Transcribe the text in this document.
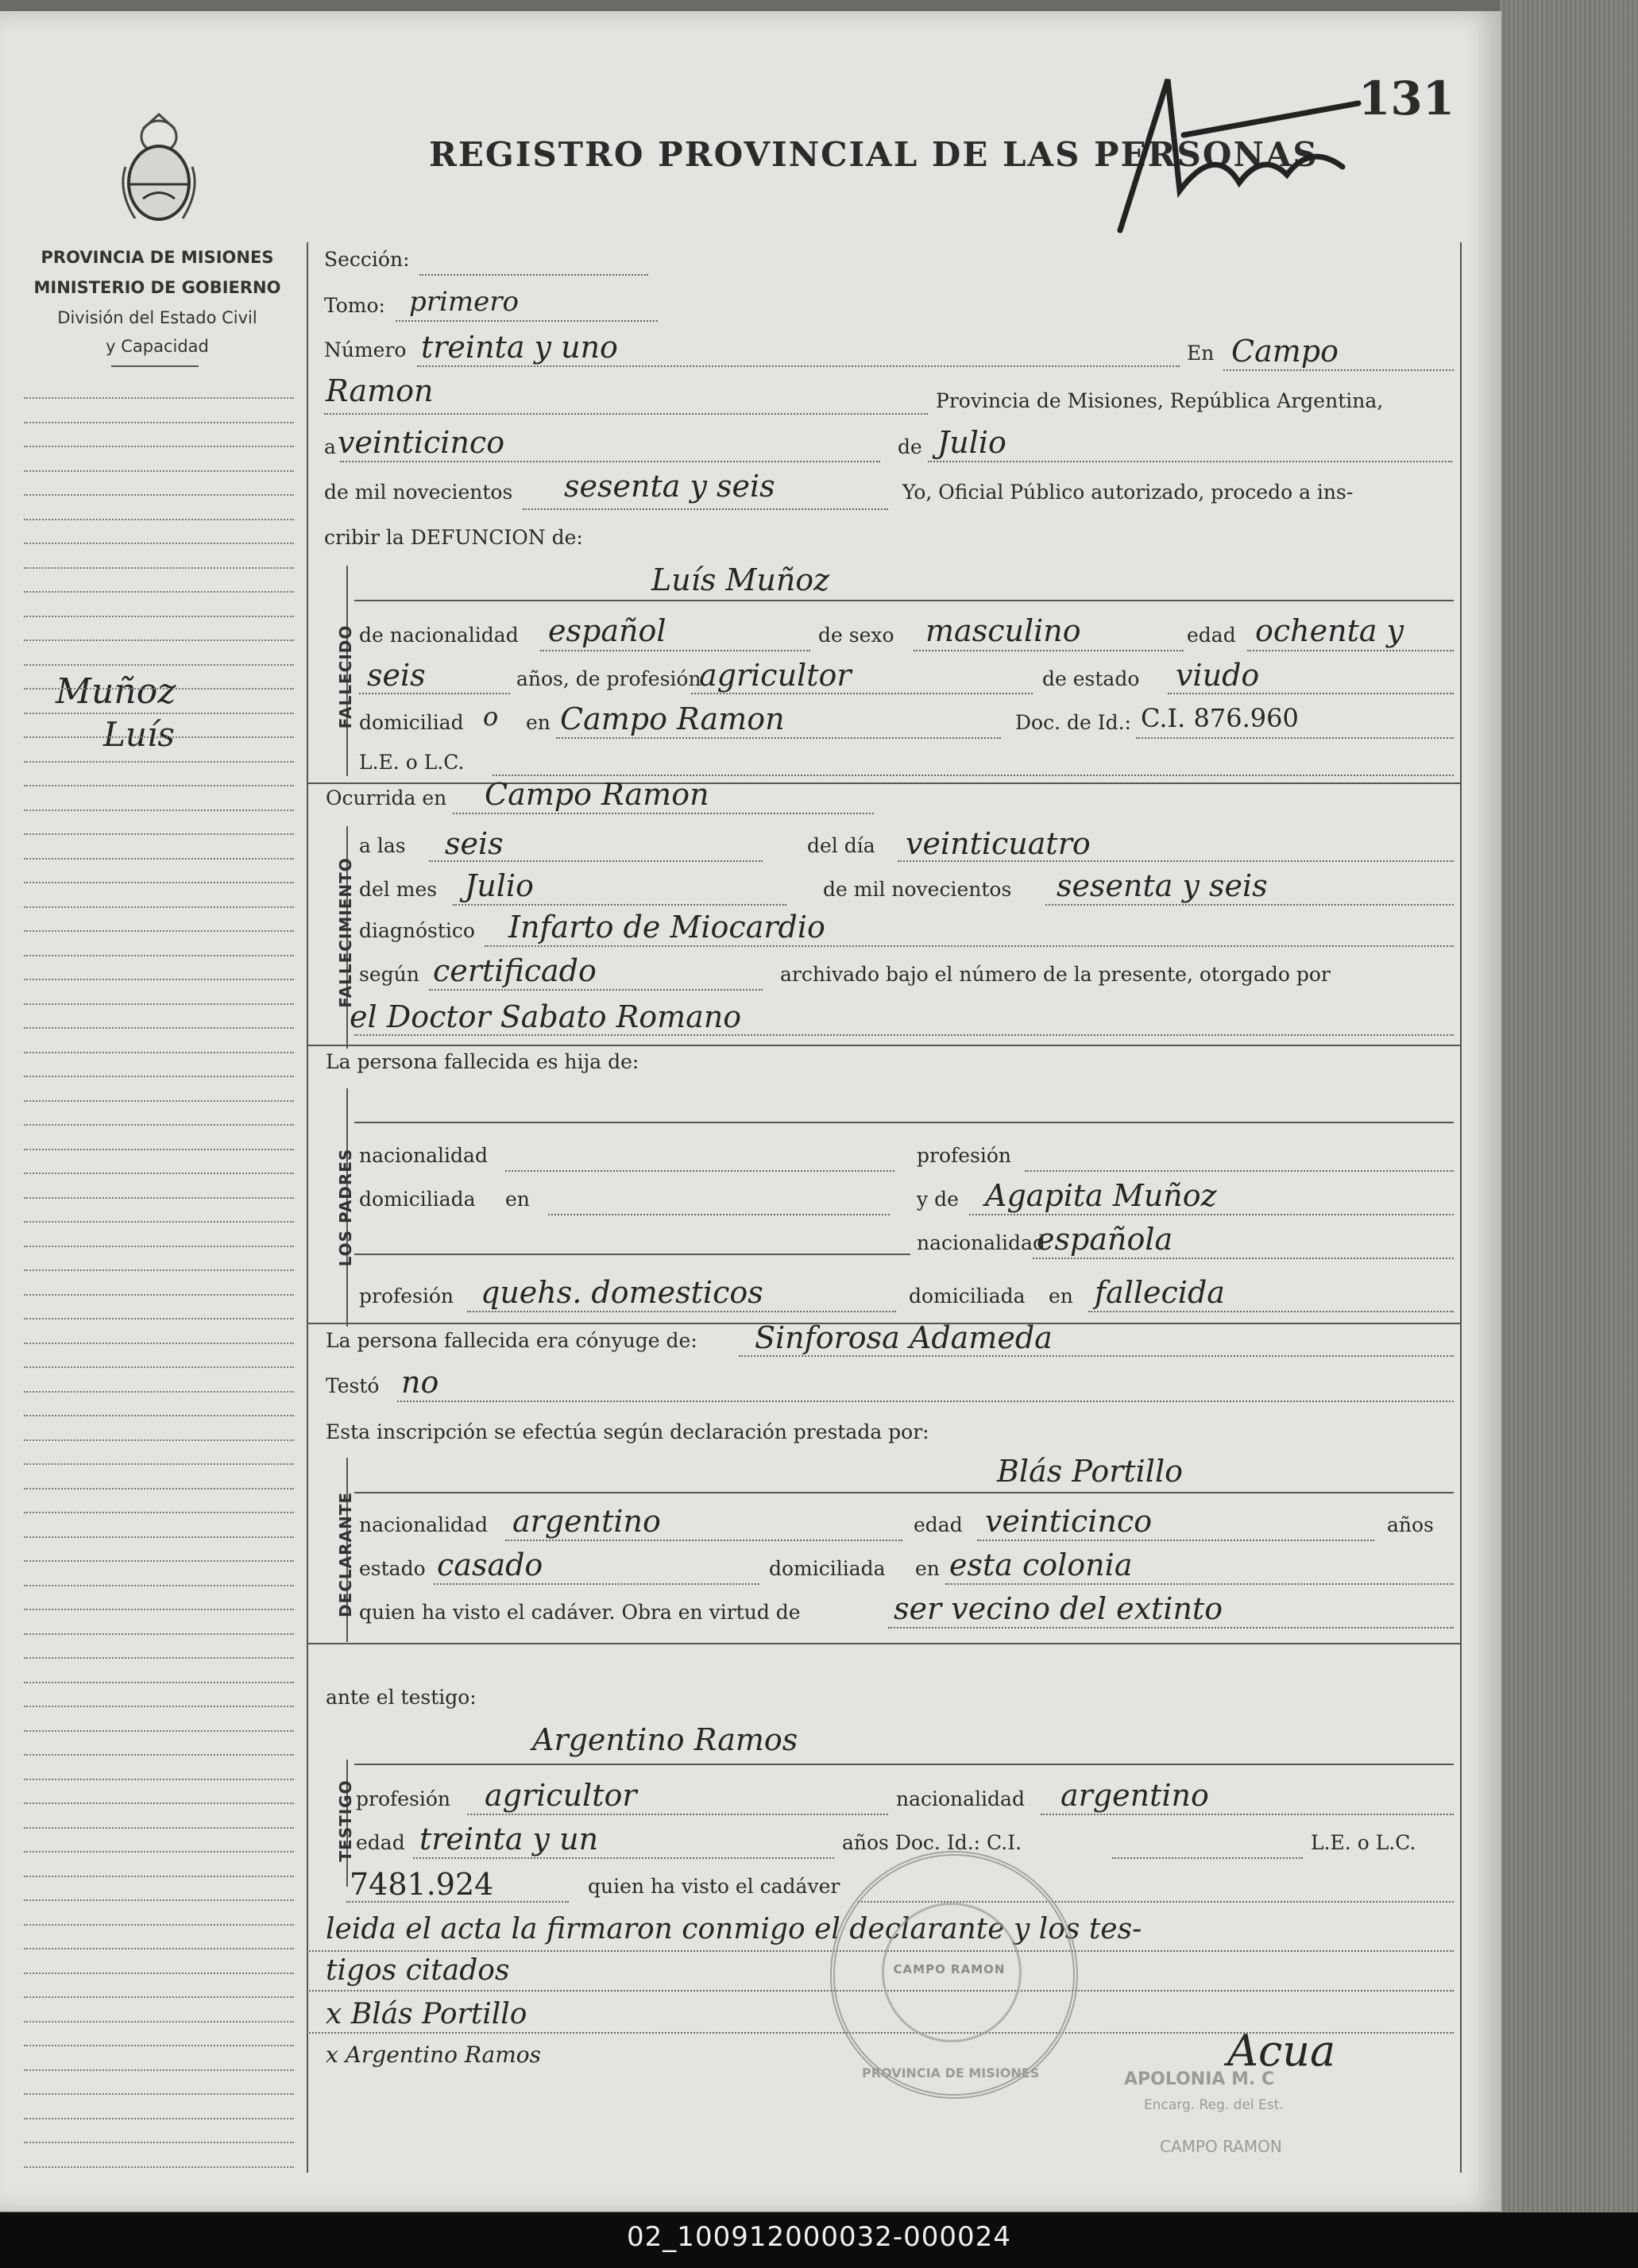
REGISTRO PROVINCIAL DE LAS PERSONAS
131
PROVINCIA DE MISIONES
MINISTERIO DE GOBIERNO
División del Estado Civil
y Capacidad
Muñoz
Luís
Sección:
Tomo: primero
Número treinta y uno	En Campo
Ramon	Provincia de Misiones, República Argentina,
a veinticinco	de Julio
de mil novecientos sesenta y seis	Yo, Oficial Público autorizado, procedo a ins-
cribir la DEFUNCION de:
FALLECIDO
Luís Muñoz
de nacionalidad español	de sexo masculino	edad ochenta y
seis	años, de profesión
agricultor	de estado viudo
domiciliad o en Campo Ramon	Doc. de Id.: C.I. 876.960
L.E. o L.C.
Ocurrida en Campo Ramon
FALLECIMIENTO
a las seis	del día veinticuatro
del mes Julio	de mil novecientos sesenta y seis
diagnóstico Infarto de Miocardio
según certificado	archivado bajo el número de la presente, otorgado por
el Doctor Sabato Romano
La persona fallecida es hija de:
LOS PADRES nacionalidad	profesión
domiciliada en	y de Agapita Muñoz
nacionalidad
española
profesión quehs. domesticos	domiciliada en fallecida
La persona fallecida era cónyuge de: Sinforosa Adameda
Testó no
Esta inscripción se efectúa según declaración prestada por:
DECLARANTE
Blás Portillo
nacionalidad argentino	edad veinticinco	años
estado casado	domiciliada en esta colonia
quien ha visto el cadáver. Obra en virtud de	ser vecino del extinto
ante el testigo:
TESTIGO
Argentino Ramos
profesión agricultor	nacionalidad argentino
edad treinta y un	años Doc. Id.: C.I.	L.E. o L.C.
7481.924	quien ha visto el cadáver
leida el acta la firmaron conmigo el declarante y los tes-
tigos citados
x Blás Portillo
x Argentino Ramos	Acua
CAMPO RAMON
PROVINCIA DE MISIONES	APOLONIA M. C
Encarg. Reg. del Est.
CAMPO RAMON
02_100912000032-000024
